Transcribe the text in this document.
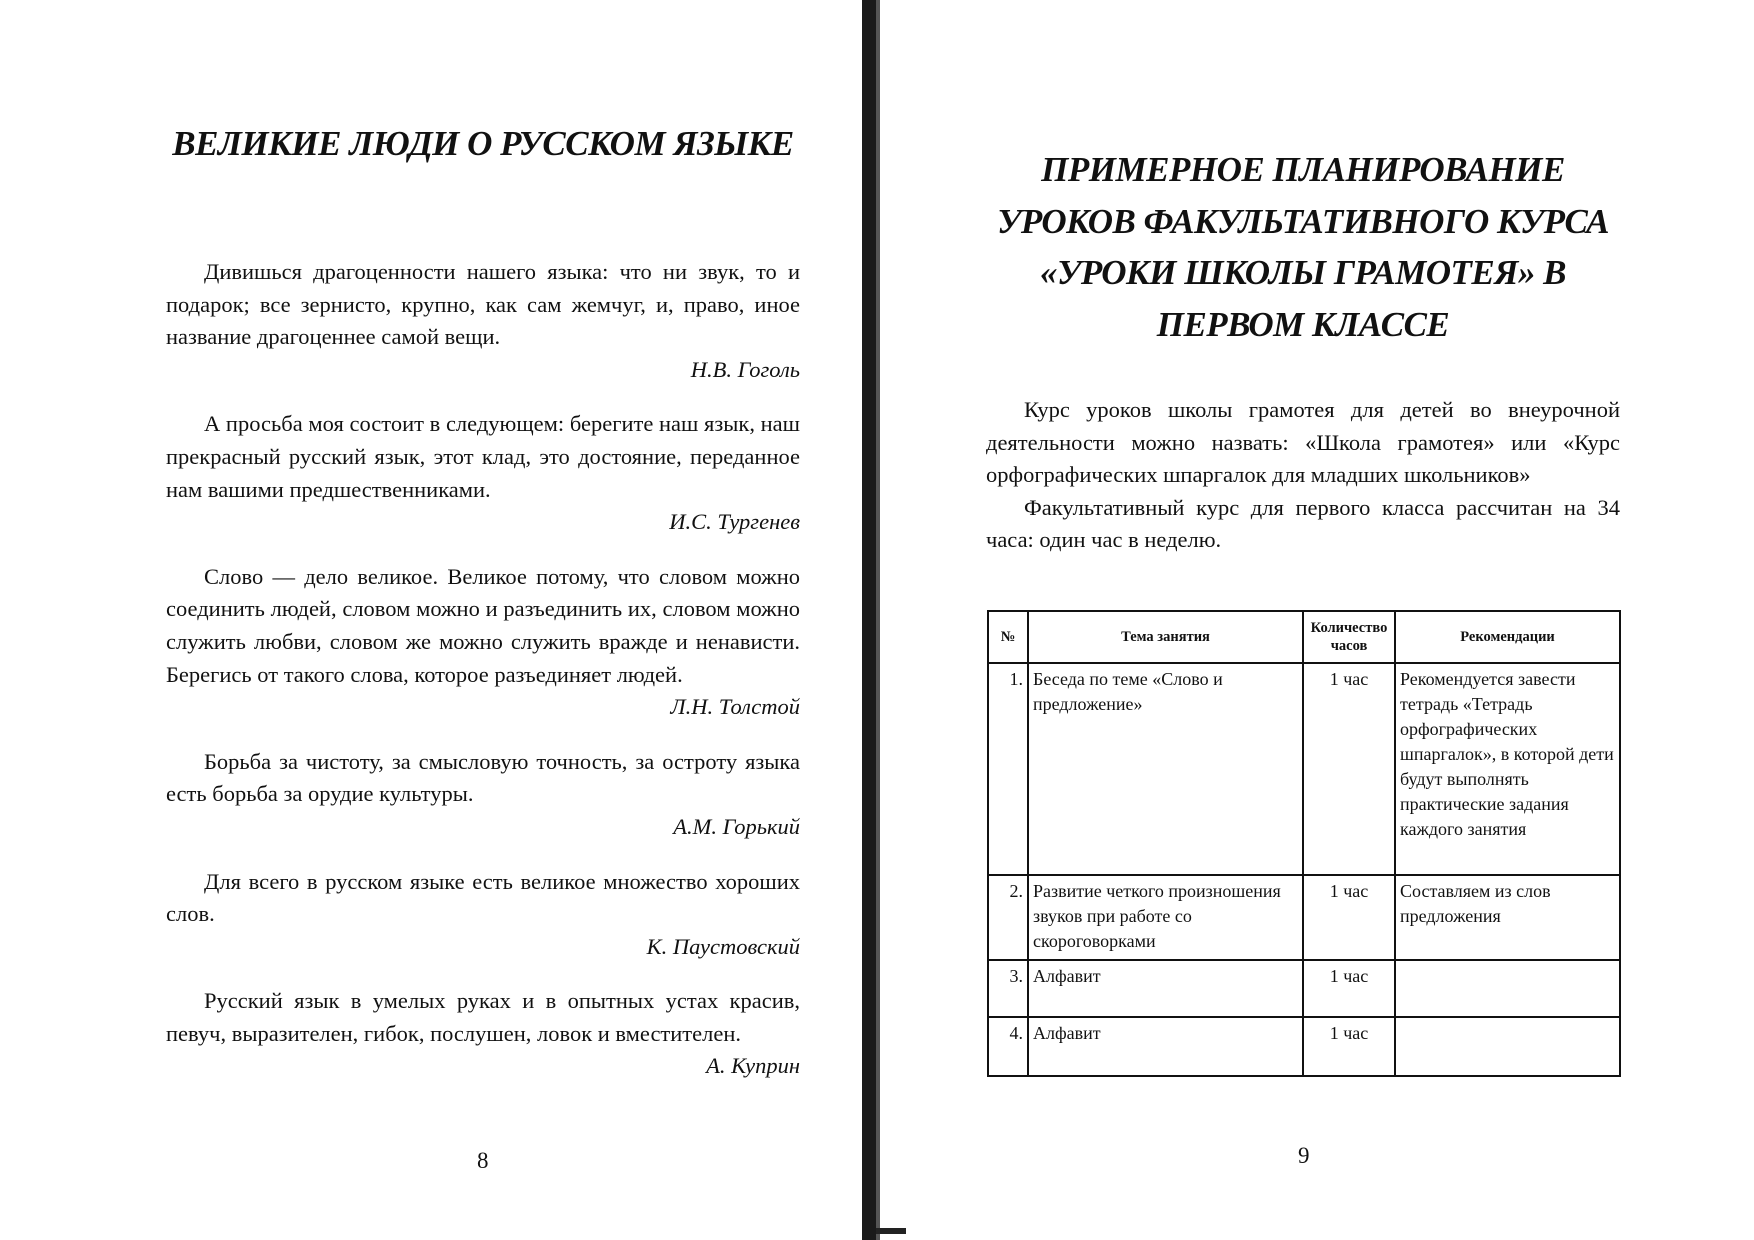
ВЕЛИКИЕ ЛЮДИ О РУССКОМ ЯЗЫКЕ

Дивишься драгоценности нашего языка: что ни звук, то и подарок; все зернисто, крупно, как сам жемчуг, и, право, иное название драгоценнее самой вещи.

Н.В. Гоголь

А просьба моя состоит в следующем: берегите наш язык, наш прекрасный русский язык, этот клад, это достояние, переданное нам вашими предшественниками.

И.С. Тургенев

Слово — дело великое. Великое потому, что словом можно соединить людей, словом можно и разъединить их, словом можно служить любви, словом же можно служить вражде и ненависти. Берегись от такого слова, которое разъединяет людей.

Л.Н. Толстой

Борьба за чистоту, за смысловую точность, за остроту языка есть борьба за орудие культуры.

А.М. Горький

Для всего в русском языке есть великое множество хороших слов.

К. Паустовский

Русский язык в умелых руках и в опытных устах красив, певуч, выразителен, гибок, послушен, ловок и вместителен.

А. Куприн

8
ПРИМЕРНОЕ ПЛАНИРОВАНИЕ УРОКОВ ФАКУЛЬТАТИВНОГО КУРСА «УРОКИ ШКОЛЫ ГРАМОТЕЯ» В ПЕРВОМ КЛАССЕ

Курс уроков школы грамотея для детей во внеурочной деятельности можно назвать: «Школа грамотея» или «Курс орфографических шпаргалок для младших школьников»

Факультативный курс для первого класса рассчитан на 34 часа: один час в неделю.

№	Тема занятия	Количество часов	Рекомендации
1.	Беседа по теме «Слово и предложение»	1 час	Рекомендуется завести тетрадь «Тетрадь орфографических шпаргалок», в которой дети будут выполнять практические задания каждого занятия
2.	Развитие четкого произношения звуков при работе со скороговорками	1 час	Составляем из слов предложения
3.	Алфавит	1 час	
4.	Алфавит	1 час	
9
